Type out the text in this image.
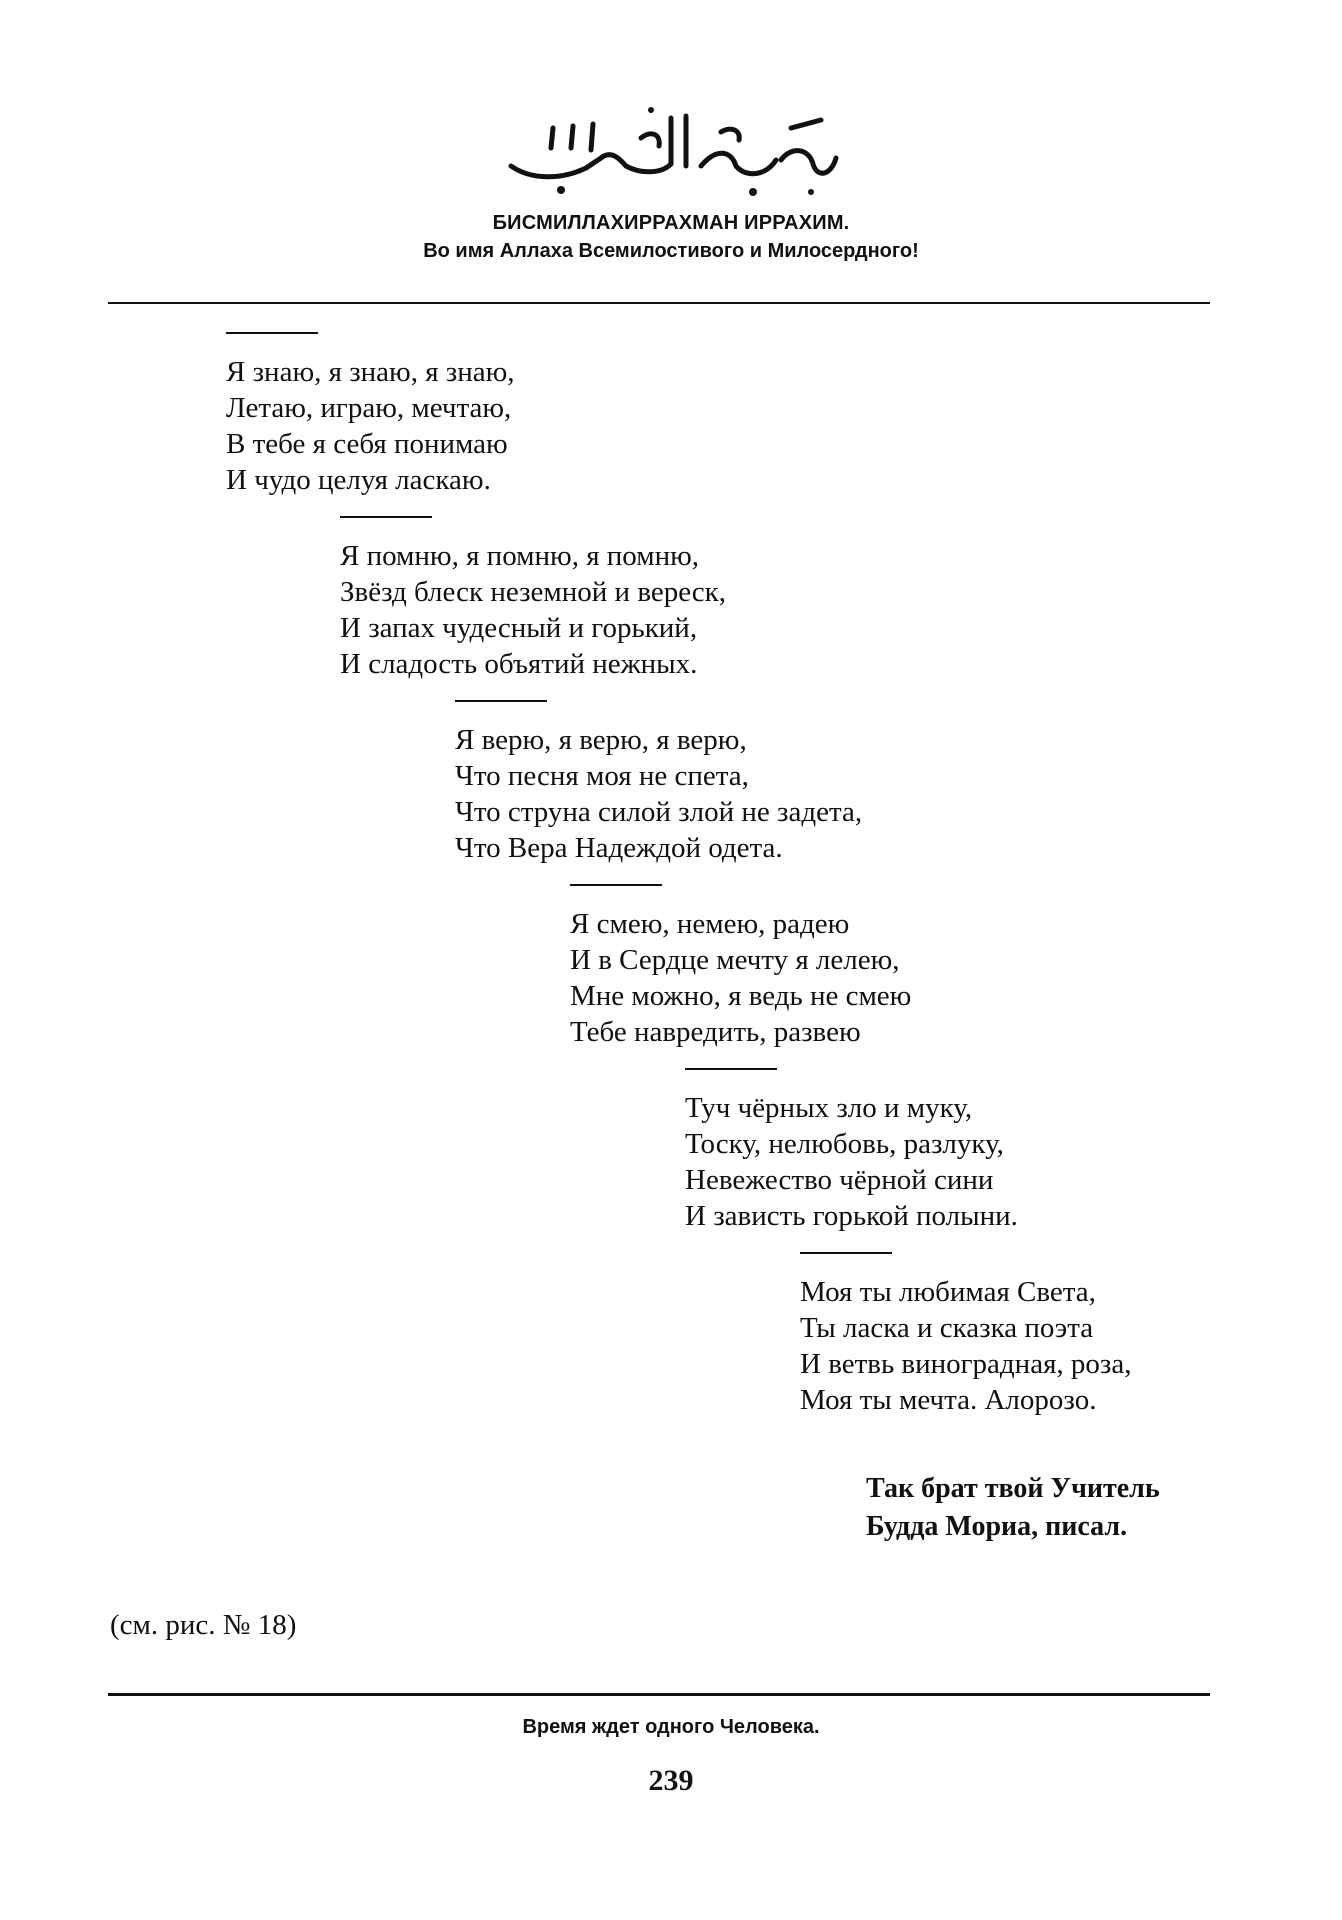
БИСМИЛЛАХИРРАХМАН ИРРАХИМ.
Во имя Аллаха Всемилостивого и Милосердного!
Я знаю, я знаю, я знаю,
Летаю, играю, мечтаю,
В тебе я себя понимаю
И чудо целуя ласкаю.
Я помню, я помню, я помню,
Звёзд блеск неземной и вереск,
И запах чудесный и горький,
И сладость объятий нежных.
Я верю, я верю, я верю,
Что песня моя не спета,
Что струна силой злой не задета,
Что Вера Надеждой одета.
Я смею, немею, радею
И в Сердце мечту я лелею,
Мне можно, я ведь не смею
Тебе навредить, развею
Туч чёрных зло и муку,
Тоску, нелюбовь, разлуку,
Невежество чёрной сини
И зависть горькой полыни.
Моя ты любимая Света,
Ты ласка и сказка поэта
И ветвь виноградная, роза,
Моя ты мечта. Алорозо.
Так брат твой Учитель
Будда Мориа, писал.
(см. рис. № 18)
Время ждет одного Человека.
239
